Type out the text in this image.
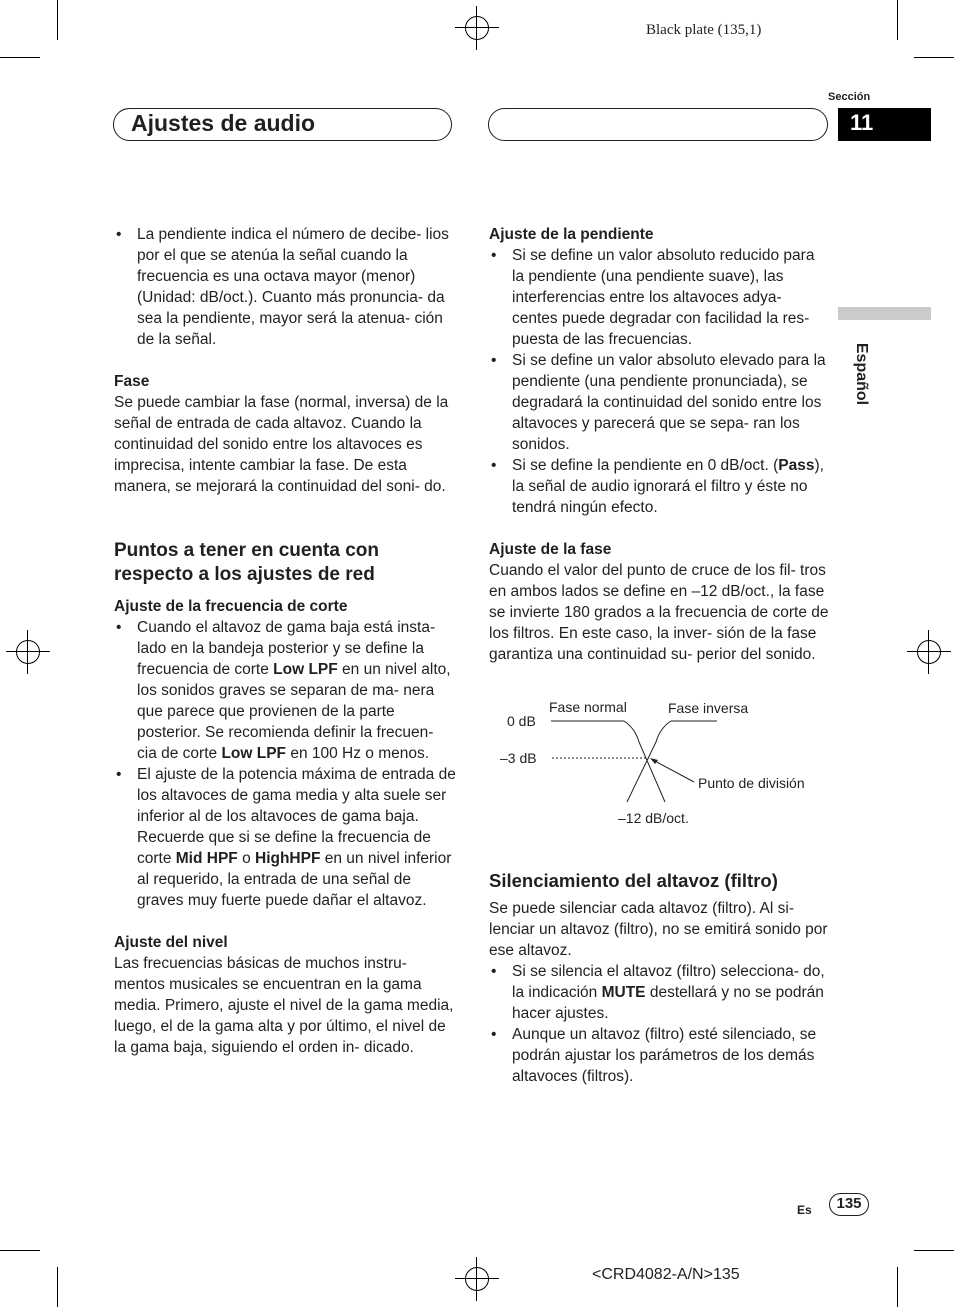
Black plate (135,1)
Sección
Ajustes de audio	11
Español

• La pendiente indica el número de decibe- lios por el que se atenúa la señal cuando la frecuencia es una octava mayor (menor) (Unidad: dB/oct.). Cuanto más pronuncia- da sea la pendiente, mayor será la atenua- ción de la señal.

Fase

Se puede cambiar la fase (normal, inversa) de la señal de entrada de cada altavoz. Cuando la continuidad del sonido entre los altavoces es imprecisa, intente cambiar la fase. De esta manera, se mejorará la continuidad del soni- do.

Puntos a tener en cuenta con respecto a los ajustes de red

Ajuste de la frecuencia de corte

• Cuando el altavoz de gama baja está insta- lado en la bandeja posterior y se define la frecuencia de corte Low LPF en un nivel alto, los sonidos graves se separan de ma- nera que parece que provienen de la parte posterior. Se recomienda definir la frecuen- cia de corte Low LPF en 100 Hz o menos.

• El ajuste de la potencia máxima de entrada de los altavoces de gama media y alta suele ser inferior al de los altavoces de gama baja. Recuerde que si se define la frecuencia de corte Mid HPF o HighHPF en un nivel inferior al requerido, la entrada de una señal de graves muy fuerte puede dañar el altavoz.

Ajuste del nivel

Las frecuencias básicas de muchos instru- mentos musicales se encuentran en la gama media. Primero, ajuste el nivel de la gama media, luego, el de la gama alta y por último, el nivel de la gama baja, siguiendo el orden in- dicado.

Ajuste de la pendiente

• Si se define un valor absoluto reducido para la pendiente (una pendiente suave), las interferencias entre los altavoces adya- centes puede degradar con facilidad la res- puesta de las frecuencias.

• Si se define un valor absoluto elevado para la pendiente (una pendiente pronunciada), se degradará la continuidad del sonido entre los altavoces y parecerá que se sepa- ran los sonidos.

• Si se define la pendiente en 0 dB/oct. (Pass), la señal de audio ignorará el filtro y éste no tendrá ningún efecto.

Ajuste de la fase

Cuando el valor del punto de cruce de los fil- tros en ambos lados se define en –12 dB/oct., la fase se invierte 180 grados a la frecuencia de corte de los filtros. En este caso, la inver- sión de la fase garantiza una continuidad su- perior del sonido.

Fase normal	Fase inversa
0 dB
–3 dB
Punto de división
–12 dB/oct.

Silenciamiento del altavoz (filtro)

Se puede silenciar cada altavoz (filtro). Al si- lenciar un altavoz (filtro), no se emitirá sonido por ese altavoz.

• Si se silencia el altavoz (filtro) selecciona- do, la indicación MUTE destellará y no se podrán hacer ajustes.

• Aunque un altavoz (filtro) esté silenciado, se podrán ajustar los parámetros de los demás altavoces (filtros).

Es	135
<CRD4082-A/N>135
